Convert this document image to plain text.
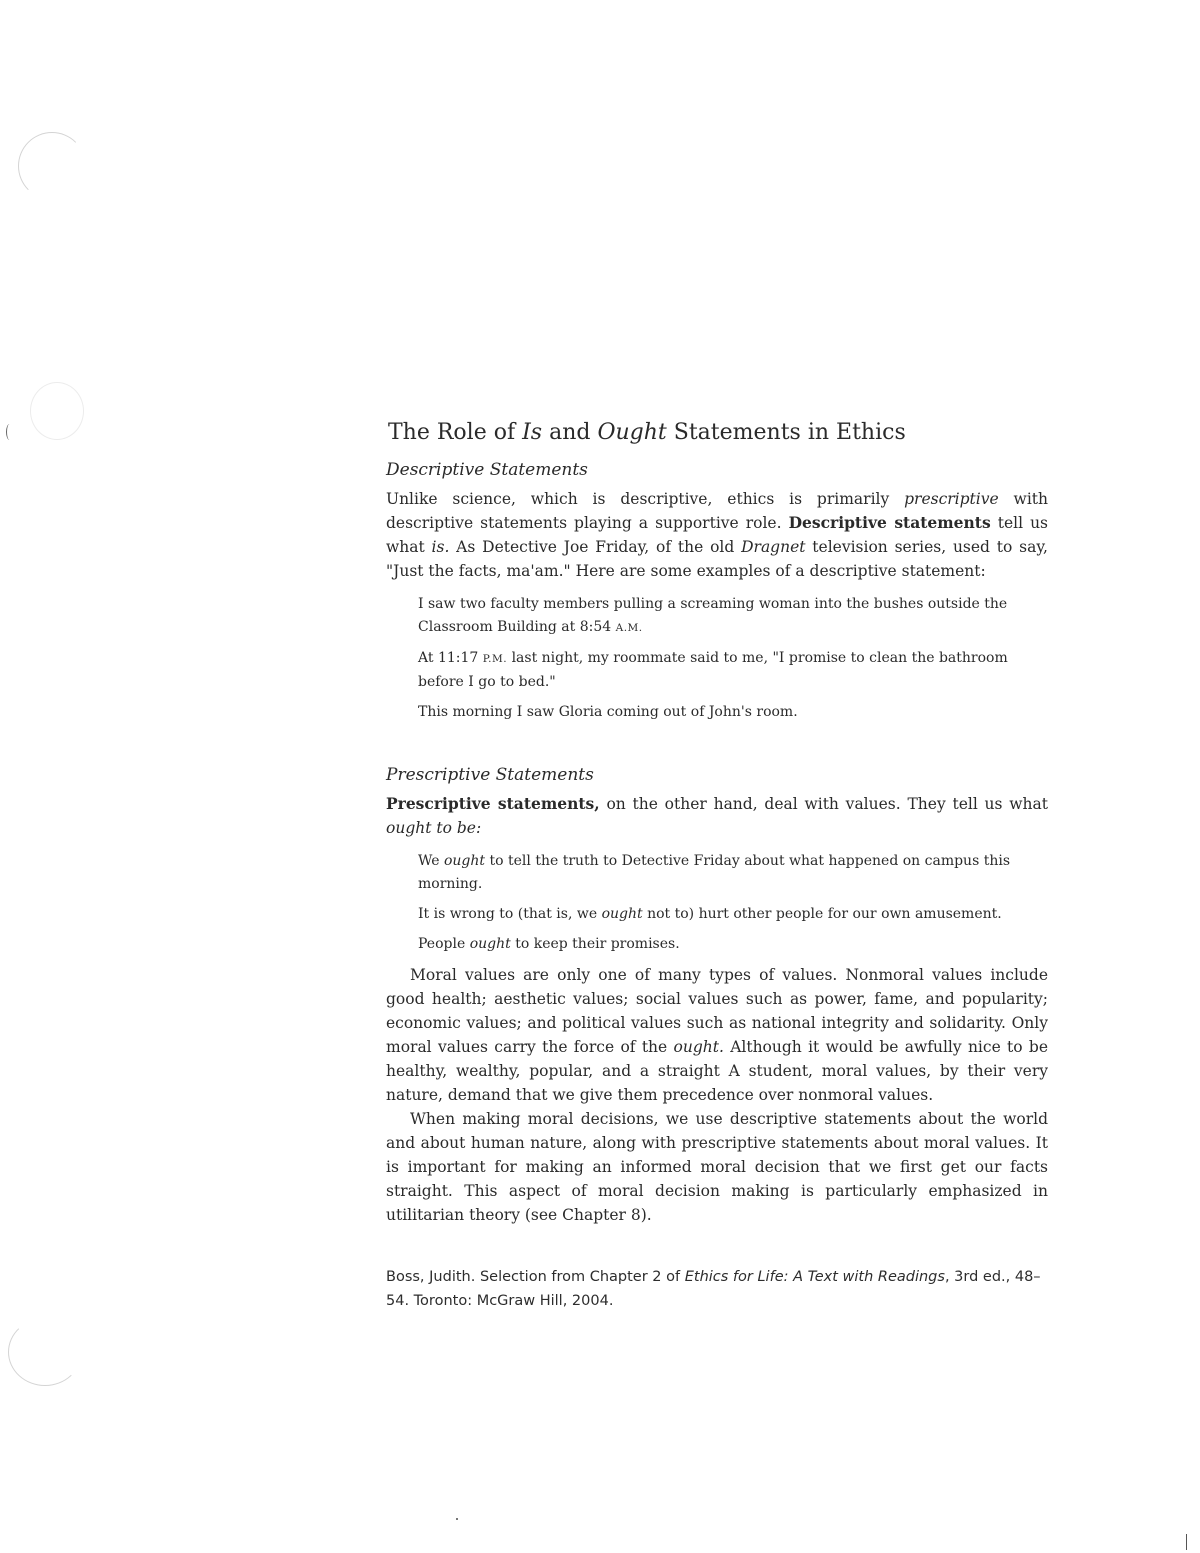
The Role of Is and Ought Statements in Ethics
Descriptive Statements

Unlike science, which is descriptive, ethics is primarily prescriptive with descriptive statements playing a supportive role. Descriptive statements tell us what is. As Detective Joe Friday, of the old Dragnet television series, used to say, "Just the facts, ma'am." Here are some examples of a descriptive statement:

I saw two faculty members pulling a screaming woman into the bushes outside the Classroom Building at 8:54 A.M.

At 11:17 P.M. last night, my roommate said to me, "I promise to clean the bathroom before I go to bed."

This morning I saw Gloria coming out of John's room.

Prescriptive Statements

Prescriptive statements, on the other hand, deal with values. They tell us what ought to be:

We ought to tell the truth to Detective Friday about what happened on campus this morning.

It is wrong to (that is, we ought not to) hurt other people for our own amusement.

People ought to keep their promises.

Moral values are only one of many types of values. Nonmoral values include good health; aesthetic values; social values such as power, fame, and popularity; economic values; and political values such as national integrity and solidarity. Only moral values carry the force of the ought. Although it would be awfully nice to be healthy, wealthy, popular, and a straight A student, moral values, by their very nature, demand that we give them precedence over nonmoral values.

When making moral decisions, we use descriptive statements about the world and about human nature, along with prescriptive statements about moral values. It is important for making an informed moral decision that we first get our facts straight. This aspect of moral decision making is particularly emphasized in utilitarian theory (see Chapter 8).

Boss, Judith. Selection from Chapter 2 of Ethics for Life: A Text with Readings, 3rd ed., 48–54. Toronto: McGraw Hill, 2004.
